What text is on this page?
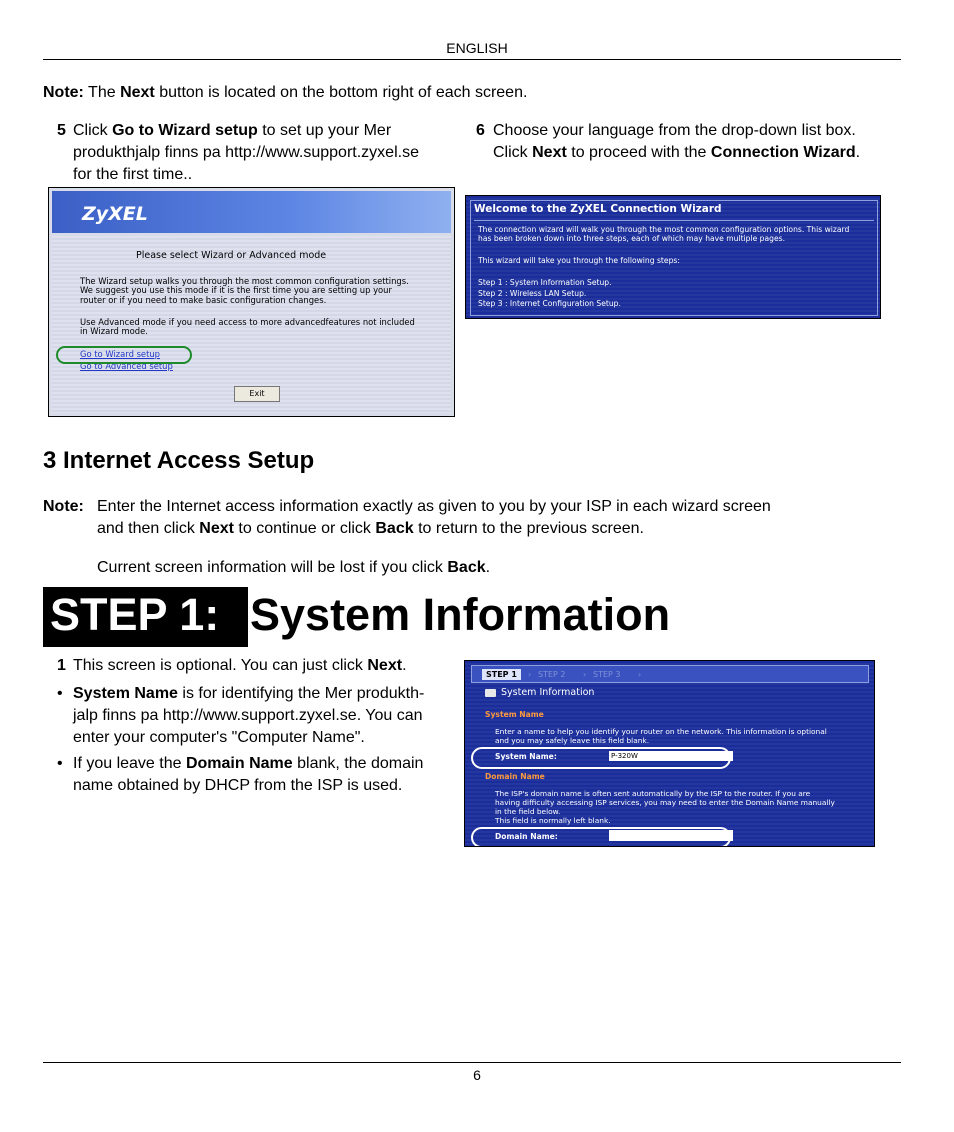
ENGLISH
Note: The Next button is located on the bottom right of each screen.
5 Click Go to Wizard setup to set up your Mer
produkthjalp finns pa http://www.support.zyxel.se
for the first time..
6 Choose your language from the drop-down list box.
Click Next to proceed with the Connection Wizard.
ZyXEL
Please select Wizard or Advanced mode
The Wizard setup walks you through the most common configuration settings.
We suggest you use this mode if it is the first time you are setting up your
router or if you need to make basic configuration changes.
Use Advanced mode if you need access to more advancedfeatures not included
in Wizard mode.
Go to Wizard setup
Go to Advanced setup
Exit
Welcome to the ZyXEL Connection Wizard
The connection wizard will walk you through the most common configuration options. This wizard
has been broken down into three steps, each of which may have multiple pages.
This wizard will take you through the following steps:
Step 1 : System Information Setup.
Step 2 : Wireless LAN Setup.
Step 3 : Internet Configuration Setup.
3 Internet Access Setup
Note: Enter the Internet access information exactly as given to you by your ISP in each wizard screen
and then click Next to continue or click Back to return to the previous screen.
Current screen information will be lost if you click Back.
STEP 1: System Information
1 This screen is optional. You can just click Next.
• System Name is for identifying the Mer produkth-
jalp finns pa http://www.support.zyxel.se. You can
enter your computer's "Computer Name".
• If you leave the Domain Name blank, the domain
name obtained by DHCP from the ISP is used.
STEP 1	› STEP 2 › STEP 3 ›
System Information
System Name
Enter a name to help you identify your router on the network. This information is optional
and you may safely leave this field blank.
System Name:	P-320W
Domain Name
The ISP's domain name is often sent automatically by the ISP to the router. If you are
having difficulty accessing ISP services, you may need to enter the Domain Name manually
in the field below.
This field is normally left blank.
Domain Name:
6
